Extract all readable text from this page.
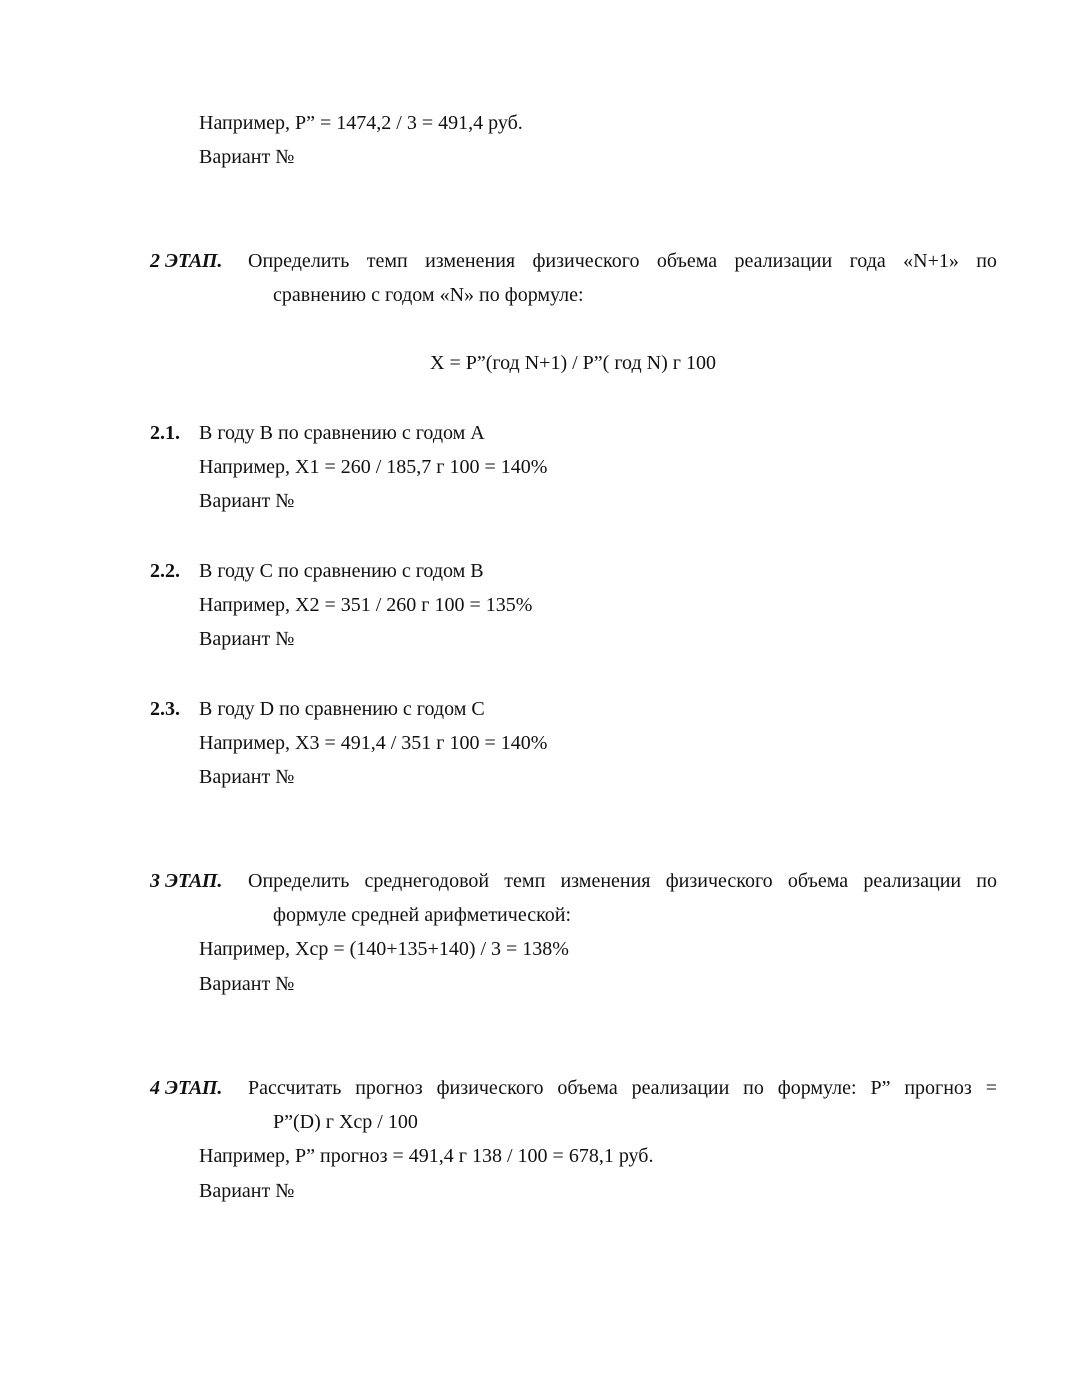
Например, Р” = 1474,2 / 3 = 491,4 руб.
Вариант №
2 ЭТАП. Определить темп изменения физического объема реализации года «N+1» по
сравнению с годом «N» по формуле:
Х = Р”(год N+1) / Р”( год N) г 100
2.1. В году В по сравнению с годом А
Например, Х1 = 260 / 185,7 г 100 = 140%
Вариант №
2.2. В году С по сравнению с годом В
Например, Х2 = 351 / 260 г 100 = 135%
Вариант №
2.3. В году D по сравнению с годом С
Например, Х3 = 491,4 / 351 г 100 = 140%
Вариант №
3 ЭТАП. Определить среднегодовой темп изменения физического объема реализации по
формуле средней арифметической:
Например, Хср = (140+135+140) / 3 = 138%
Вариант №
4 ЭТАП. Рассчитать прогноз физического объема реализации по формуле: Р” прогноз =
Р”(D) г Хср / 100
Например, Р” прогноз = 491,4 г 138 / 100 = 678,1 руб.
Вариант №
